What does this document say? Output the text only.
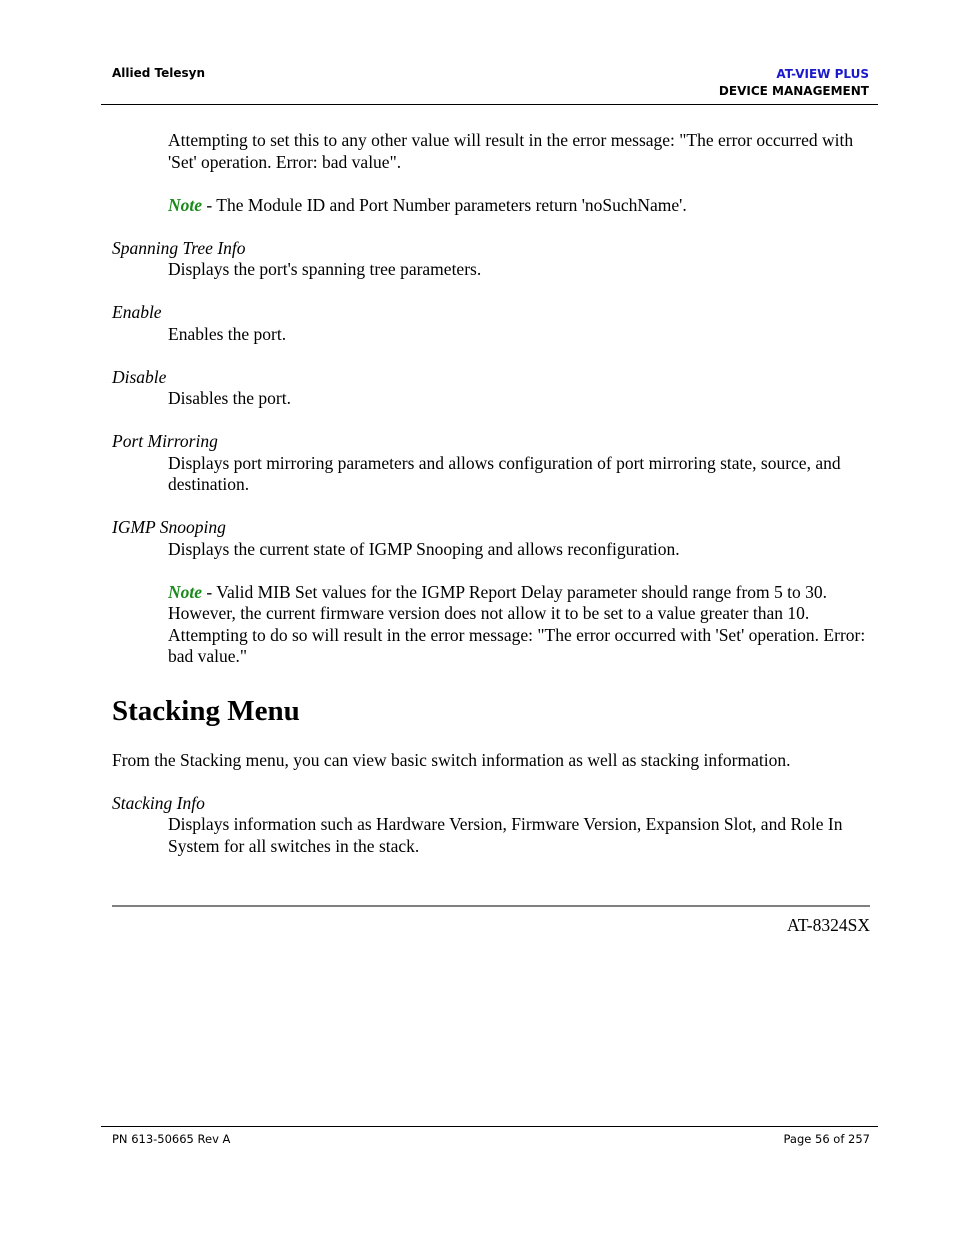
Allied Telesyn	AT-VIEW PLUS
DEVICE MANAGEMENT

Attempting to set this to any other value will result in the error message: "The error occurred with 'Set' operation. Error: bad value".

Note - The Module ID and Port Number parameters return 'noSuchName'.

Spanning Tree Info

Displays the port's spanning tree parameters.

Enable

Enables the port.

Disable

Disables the port.

Port Mirroring

Displays port mirroring parameters and allows configuration of port mirroring state, source, and destination.

IGMP Snooping

Displays the current state of IGMP Snooping and allows reconfiguration.

Note - Valid MIB Set values for the IGMP Report Delay parameter should range from 5 to 30. However, the current firmware version does not allow it to be set to a value greater than 10. Attempting to do so will result in the error message: "The error occurred with 'Set' operation. Error: bad value."

Stacking Menu

From the Stacking menu, you can view basic switch information as well as stacking information.

Stacking Info

Displays information such as Hardware Version, Firmware Version, Expansion Slot, and Role In System for all switches in the stack.

AT-8324SX
PN 613-50665 Rev A	Page 56 of 257
